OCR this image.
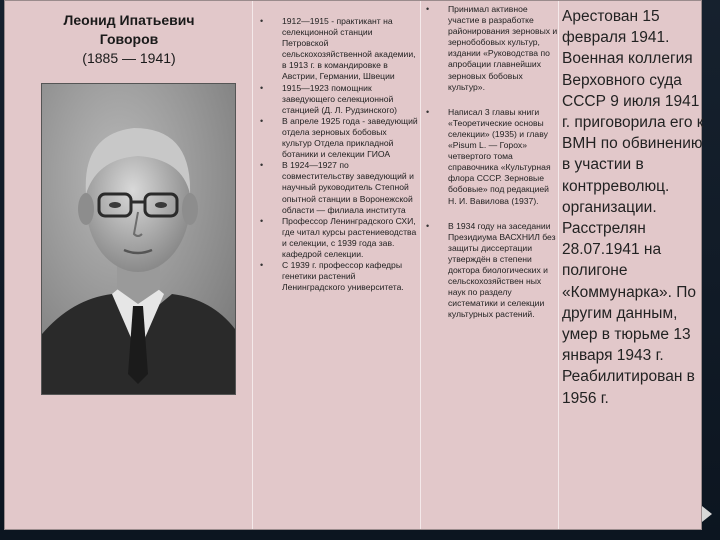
Леонид Ипатьевич
Говоров
(1885 — 1941)
• 1912—1915 - практикант на селекционной станции Петровской сельскохозяйственной академии, в 1913 г. в командировке в Австрии, Германии, Швеции
• 1915—1923 помощник заведующего селекционной станцией (Д. Л. Рудзинского)
• В апреле 1925 года - заведующий отдела зерновых бобовых культур Отдела прикладной ботаники и селекции ГИОА
• В 1924—1927 по совместительству заведующий и научный руководитель Степной опытной станции в Воронежской области — филиала института
• Профессор Ленинградского СХИ, где читал курсы растениеводства и селекции, с 1939 года зав. кафедрой селекции.
• С 1939 г. профессор кафедры генетики растений Ленинградского университета.
• Принимал активное участие в разработке районирования зерновых и зернобобовых культур, издании «Руководства по апробации главнейших зерновых бобовых культур».
• Написал 3 главы книги «Теоретические основы селекции» (1935) и главу «Pisum L. — Горох» четвертого тома справочника «Культурная флора СССР. Зерновые бобовые» под редакцией Н. И. Вавилова (1937).
• В 1934 году на заседании Президиума ВАСХНИЛ без защиты диссертации утверждён в степени доктора биологических и сельскохозяйствен ных наук по разделу систематики и селекции культурных растений.
Арестован 15 февраля 1941. Военная коллегия Верховного суда СССР 9 июля 1941 г. приговорила его к ВМН по обвинению в участии в контрреволюц. организации. Расстрелян 28.07.1941 на полигоне «Коммунарка». По другим данным, умер в тюрьме 13 января 1943 г. Реабилитирован в 1956 г.
